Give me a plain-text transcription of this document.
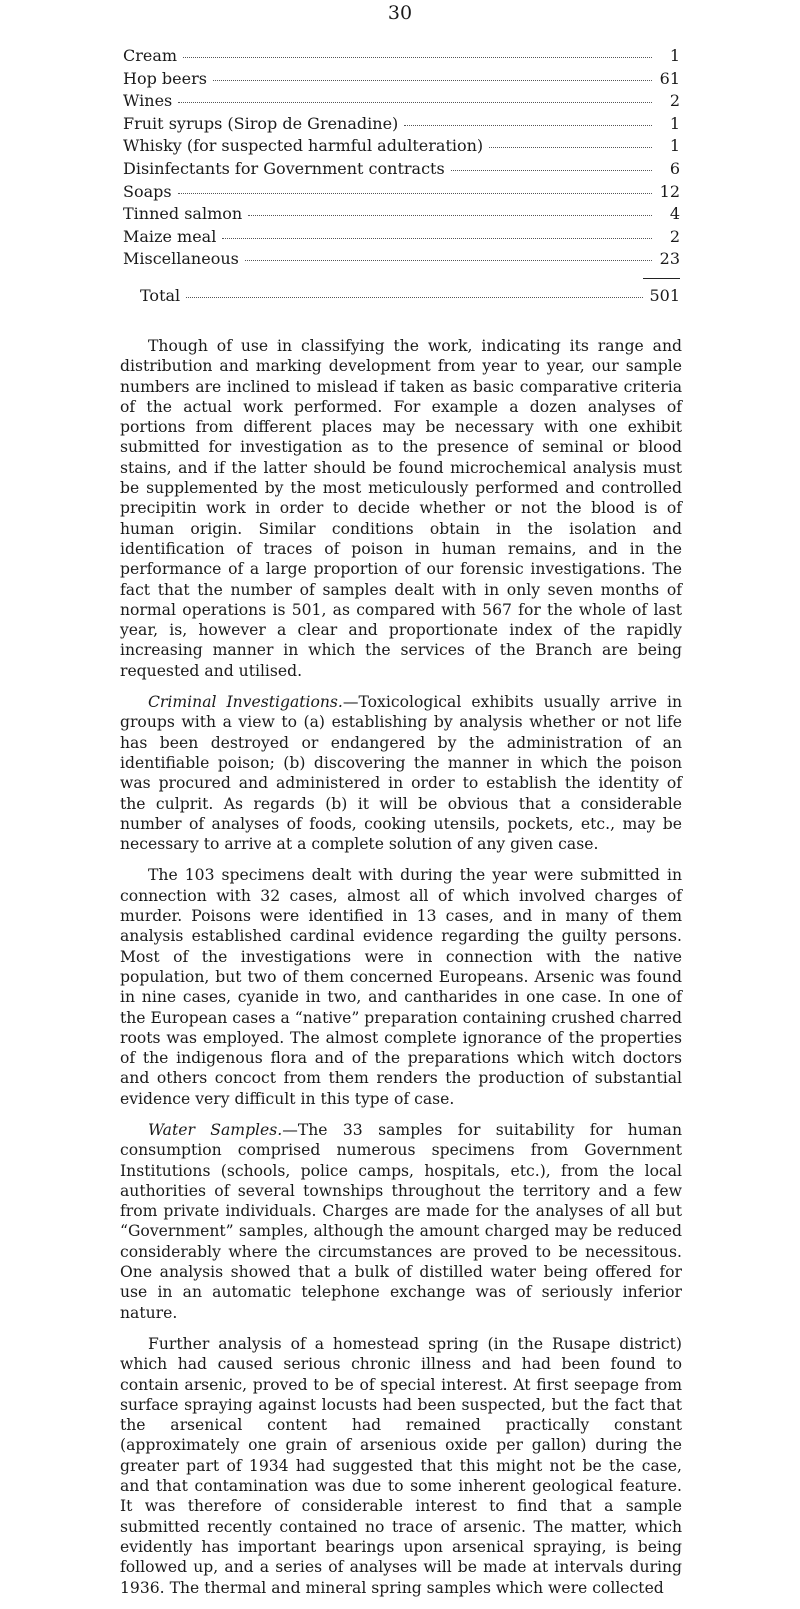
30
Cream	1
Hop beers	61
Wines	2
Fruit syrups (Sirop de Grenadine)	1
Whisky (for suspected harmful adulteration)	1
Disinfectants for Government contracts	6
Soaps	12
Tinned salmon	4
Maize meal	2
Miscellaneous	23
Total	501

Though of use in classifying the work, indicating its range and distribution and marking development from year to year, our sample numbers are inclined to mislead if taken as basic comparative criteria of the actual work performed. For example a dozen analyses of portions from different places may be necessary with one exhibit submitted for investigation as to the presence of seminal or blood stains, and if the latter should be found microchemical analysis must be supplemented by the most meticulously performed and controlled precipitin work in order to decide whether or not the blood is of human origin. Similar conditions obtain in the isolation and identification of traces of poison in human remains, and in the performance of a large proportion of our forensic investigations. The fact that the number of samples dealt with in only seven months of normal operations is 501, as compared with 567 for the whole of last year, is, however a clear and proportionate index of the rapidly increasing manner in which the services of the Branch are being requested and utilised.

Criminal Investigations.—Toxicological exhibits usually arrive in groups with a view to (a) establishing by analysis whether or not life has been destroyed or endangered by the administration of an identifiable poison; (b) discovering the manner in which the poison was procured and administered in order to establish the identity of the culprit. As regards (b) it will be obvious that a considerable number of analyses of foods, cooking utensils, pockets, etc., may be necessary to arrive at a complete solution of any given case.

The 103 specimens dealt with during the year were submitted in connection with 32 cases, almost all of which involved charges of murder. Poisons were identified in 13 cases, and in many of them analysis established cardinal evidence regarding the guilty persons. Most of the investigations were in connection with the native population, but two of them concerned Europeans. Arsenic was found in nine cases, cyanide in two, and cantharides in one case. In one of the European cases a “native” preparation containing crushed charred roots was employed. The almost complete ignorance of the properties of the indigenous flora and of the preparations which witch doctors and others concoct from them renders the production of substantial evidence very difficult in this type of case.

Water Samples.—The 33 samples for suitability for human consumption comprised numerous specimens from Government Institutions (schools, police camps, hospitals, etc.), from the local authorities of several townships throughout the territory and a few from private individuals. Charges are made for the analyses of all but “Government” samples, although the amount charged may be reduced considerably where the circumstances are proved to be necessitous. One analysis showed that a bulk of distilled water being offered for use in an automatic telephone exchange was of seriously inferior nature.

Further analysis of a homestead spring (in the Rusape district) which had caused serious chronic illness and had been found to contain arsenic, proved to be of special interest. At first seepage from surface spraying against locusts had been suspected, but the fact that the arsenical content had remained practically constant (approximately one grain of arsenious oxide per gallon) during the greater part of 1934 had suggested that this might not be the case, and that contamination was due to some inherent geological feature. It was therefore of considerable interest to find that a sample submitted recently contained no trace of arsenic. The matter, which evidently has important bearings upon arsenical spraying, is being followed up, and a series of analyses will be made at intervals during 1936. The thermal and mineral spring samples which were collected
